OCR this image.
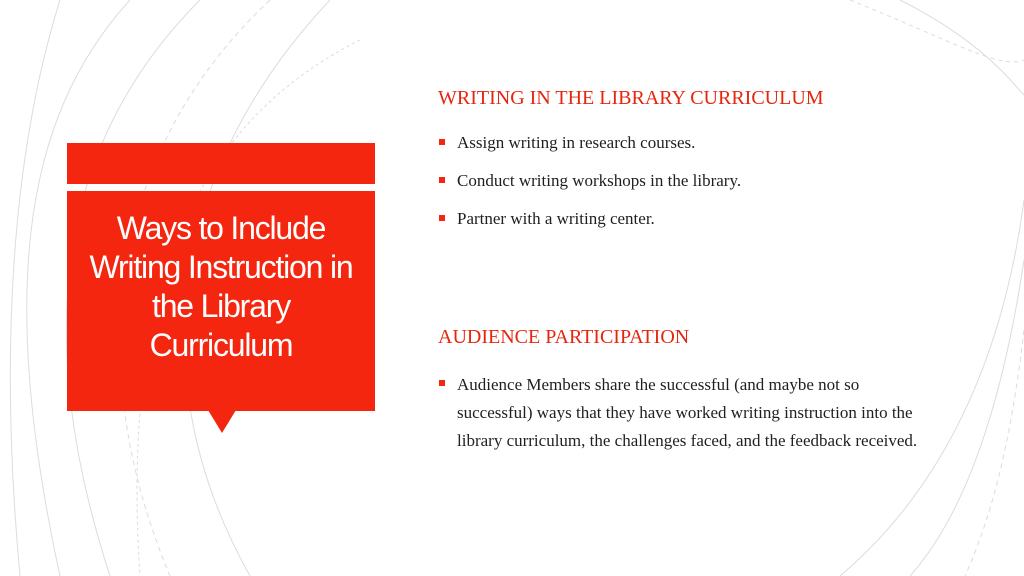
Ways to Include Writing Instruction in the Library Curriculum
WRITING IN THE LIBRARY CURRICULUM
Assign writing in research courses.
Conduct writing workshops in the library.
Partner with a writing center.
AUDIENCE PARTICIPATION
Audience Members share the successful (and maybe not so successful) ways that they have worked writing instruction into the library curriculum, the challenges faced, and the feedback received.
